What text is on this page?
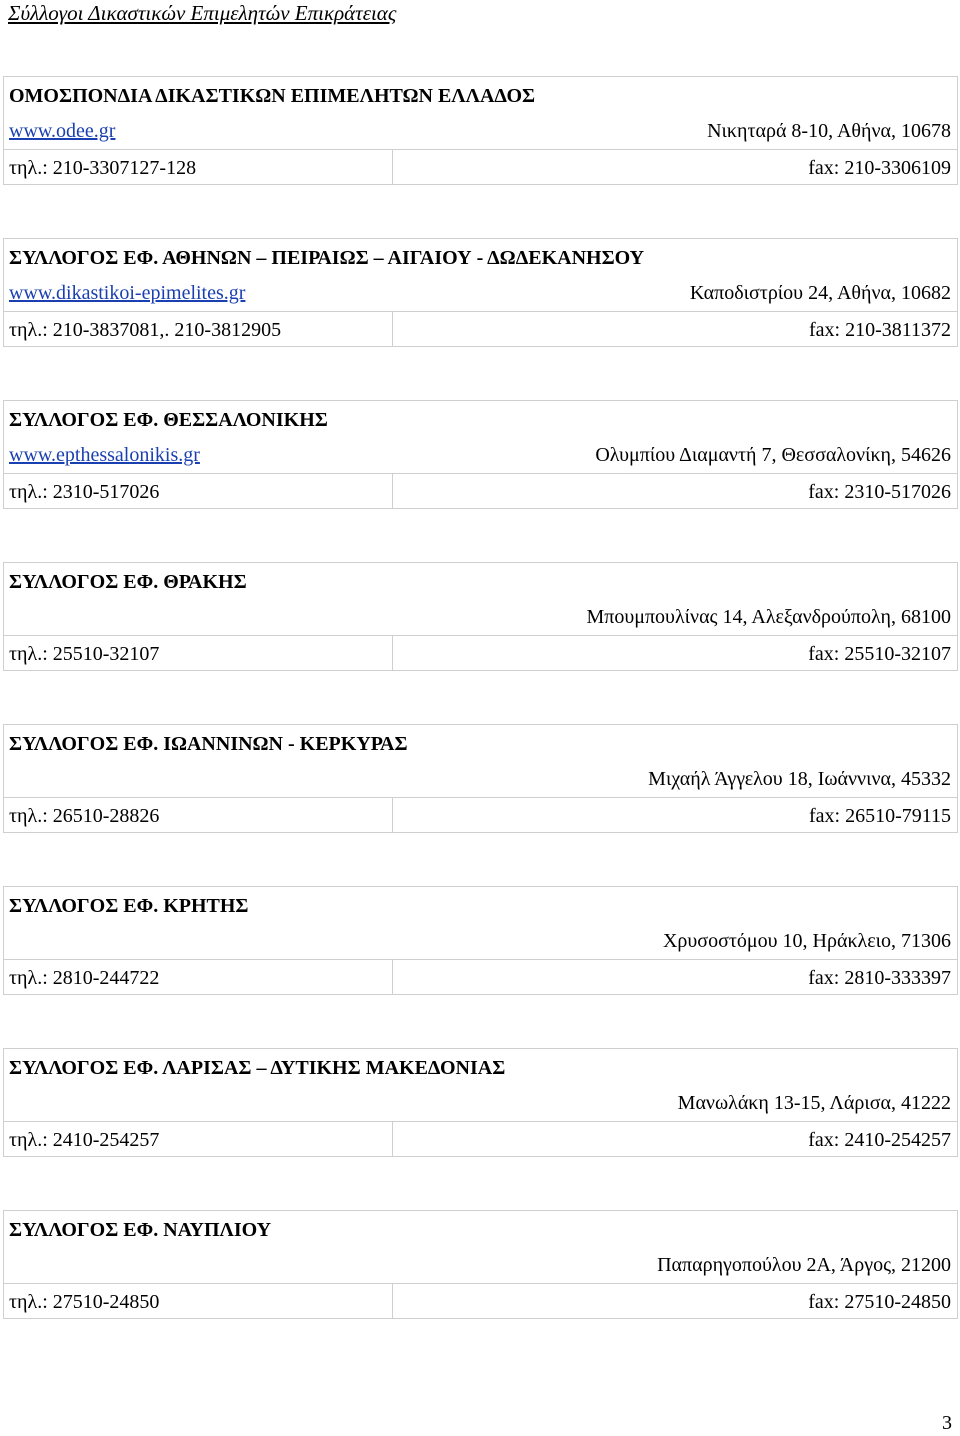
Σύλλογοι Δικαστικών Επιμελητών Επικράτειας
ΟΜΟΣΠΟΝΔΙΑ ΔΙΚΑΣΤΙΚΩΝ ΕΠΙΜΕΛΗΤΩΝ ΕΛΛΑΔΟΣ
www.odee.gr	Νικηταρά 8-10, Αθήνα, 10678
τηλ.: 210-3307127-128	fax: 210-3306109
ΣΥΛΛΟΓΟΣ ΕΦ. ΑΘΗΝΩΝ – ΠΕΙΡΑΙΩΣ – ΑΙΓΑΙΟΥ - ΔΩΔΕΚΑΝΗΣΟΥ
www.dikastikoi-epimelites.gr	Καποδιστρίου 24, Αθήνα, 10682
τηλ.: 210-3837081,. 210-3812905	fax: 210-3811372
ΣΥΛΛΟΓΟΣ ΕΦ. ΘΕΣΣΑΛΟΝΙΚΗΣ
www.epthessalonikis.gr	Ολυμπίου Διαμαντή 7, Θεσσαλονίκη, 54626
τηλ.: 2310-517026	fax: 2310-517026
ΣΥΛΛΟΓΟΣ ΕΦ. ΘΡΑΚΗΣ
Μπουμπουλίνας 14, Αλεξανδρούπολη, 68100
τηλ.: 25510-32107	fax: 25510-32107
ΣΥΛΛΟΓΟΣ ΕΦ. ΙΩΑΝΝΙΝΩΝ - ΚΕΡΚΥΡΑΣ
Μιχαήλ Άγγελου 18, Ιωάννινα, 45332
τηλ.: 26510-28826	fax: 26510-79115
ΣΥΛΛΟΓΟΣ ΕΦ. ΚΡΗΤΗΣ
Χρυσοστόμου 10, Ηράκλειο, 71306
τηλ.: 2810-244722	fax: 2810-333397
ΣΥΛΛΟΓΟΣ ΕΦ. ΛΑΡΙΣΑΣ – ΔΥΤΙΚΗΣ ΜΑΚΕΔΟΝΙΑΣ
Μανωλάκη 13-15, Λάρισα, 41222
τηλ.: 2410-254257	fax: 2410-254257
ΣΥΛΛΟΓΟΣ ΕΦ. ΝΑΥΠΛΙΟΥ
Παπαρηγοπούλου 2Α, Άργος, 21200
τηλ.: 27510-24850	fax: 27510-24850
3
